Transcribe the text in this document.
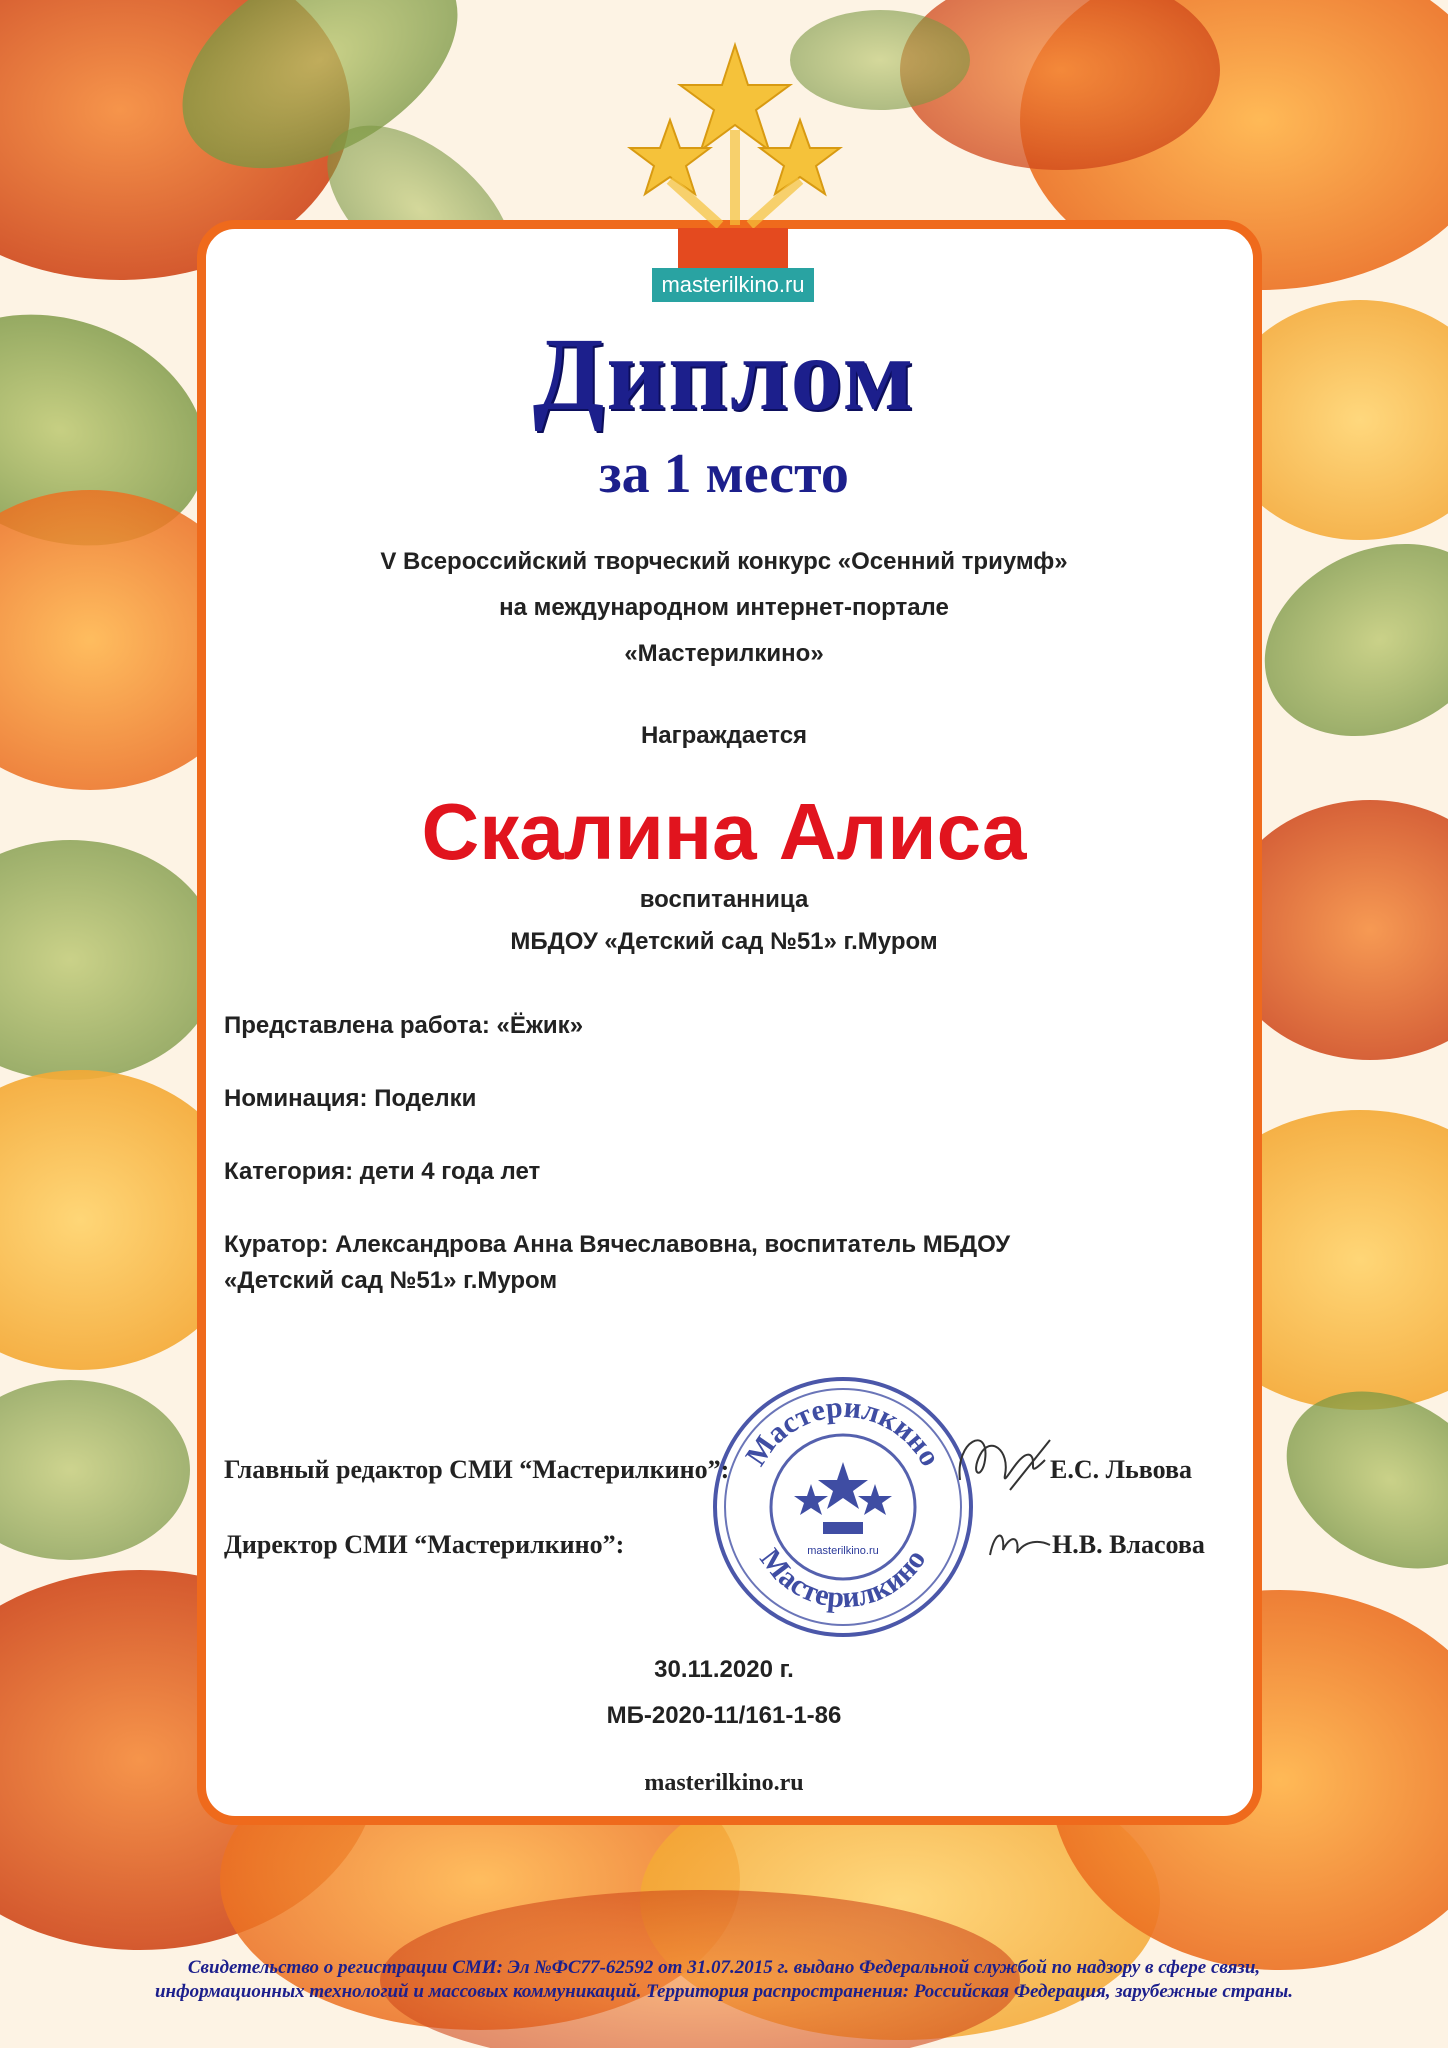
masterilkino.ru
Диплом
за 1 место
V Всероссийский творческий конкурс «Осенний триумф»
на международном интернет-портале
«Мастерилкино»
Награждается
Скалина Алиса
воспитанница
МБДОУ «Детский сад №51» г.Муром
Представлена работа: «Ёжик»
Номинация: Поделки
Категория: дети 4 года лет
Куратор: Александрова Анна Вячеславовна, воспитатель МБДОУ
«Детский сад №51» г.Муром
Мастерилкино
Мастерилкино
masterilkino.ru
Главный редактор СМИ “Мастерилкино”:	Е.С. Львова
Директор СМИ “Мастерилкино”:	Н.В. Власова
30.11.2020 г.
МБ-2020-11/161-1-86
masterilkino.ru
Свидетельство о регистрации СМИ: Эл №ФС77-62592 от 31.07.2015 г. выдано Федеральной службой по надзору в сфере связи,
информационных технологий и массовых коммуникаций. Территория распространения: Российская Федерация, зарубежные страны.
